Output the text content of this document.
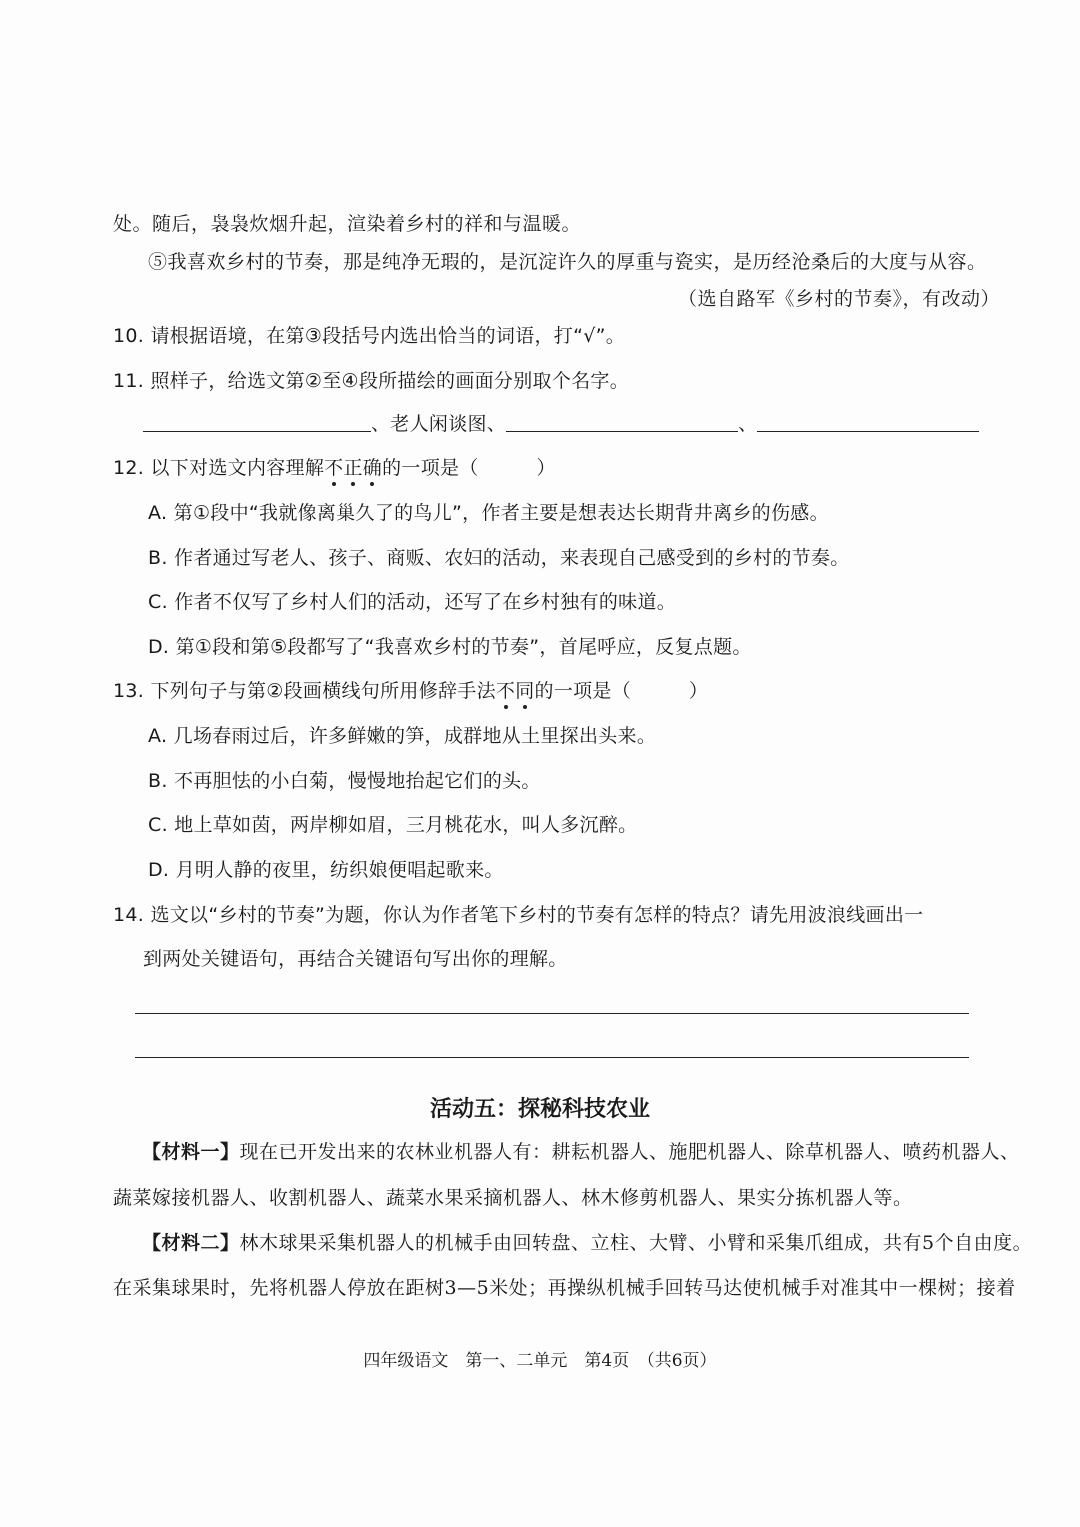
处。随后，袅袅炊烟升起，渲染着乡村的祥和与温暖。
⑤我喜欢乡村的节奏，那是纯净无瑕的，是沉淀许久的厚重与瓷实，是历经沧桑后的大度与从容。
（选自路军《乡村的节奏》，有改动）
10. 请根据语境，在第③段括号内选出恰当的词语，打“√”。
11. 照样子，给选文第②至④段所描绘的画面分别取个名字。
、老人闲谈图、	、
12. 以下对选文内容理解不正确的一项是（　　　）
A. 第①段中“我就像离巢久了的鸟儿”，作者主要是想表达长期背井离乡的伤感。
B. 作者通过写老人、孩子、商贩、农妇的活动，来表现自己感受到的乡村的节奏。
C. 作者不仅写了乡村人们的活动，还写了在乡村独有的味道。
D. 第①段和第⑤段都写了“我喜欢乡村的节奏”，首尾呼应，反复点题。
13. 下列句子与第②段画横线句所用修辞手法不同的一项是（　　　）
A. 几场春雨过后，许多鲜嫩的笋，成群地从土里探出头来。
B. 不再胆怯的小白菊，慢慢地抬起它们的头。
C. 地上草如茵，两岸柳如眉，三月桃花水，叫人多沉醉。
D. 月明人静的夜里，纺织娘便唱起歌来。
14. 选文以“乡村的节奏”为题，你认为作者笔下乡村的节奏有怎样的特点？请先用波浪线画出一
到两处关键语句，再结合关键语句写出你的理解。
活动五：探秘科技农业
【材料一】现在已开发出来的农林业机器人有：耕耘机器人、施肥机器人、除草机器人、喷药机器人、
蔬菜嫁接机器人、收割机器人、蔬菜水果采摘机器人、林木修剪机器人、果实分拣机器人等。
【材料二】林木球果采集机器人的机械手由回转盘、立柱、大臂、小臂和采集爪组成，共有5个自由度。
在采集球果时，先将机器人停放在距树3—5米处；再操纵机械手回转马达使机械手对准其中一棵树；接着
四年级语文　第一、二单元　第4页　（共6页）
